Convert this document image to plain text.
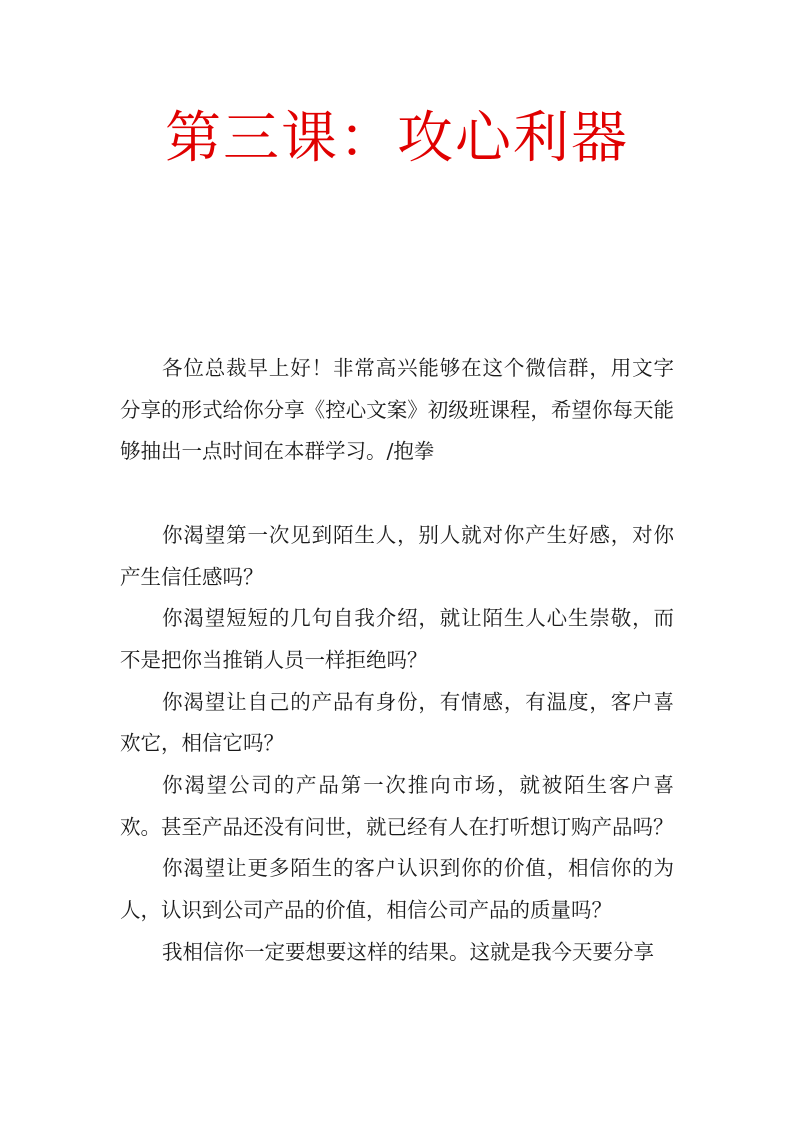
第三课：攻心利器

各位总裁早上好！非常高兴能够在这个微信群，用文字分享的形式给你分享《控心文案》初级班课程，希望你每天能够抽出一点时间在本群学习。/抱拳

你渴望第一次见到陌生人，别人就对你产生好感，对你产生信任感吗？

你渴望短短的几句自我介绍，就让陌生人心生崇敬，而不是把你当推销人员一样拒绝吗？

你渴望让自己的产品有身份，有情感，有温度，客户喜欢它，相信它吗？

你渴望公司的产品第一次推向市场，就被陌生客户喜欢。甚至产品还没有问世，就已经有人在打听想订购产品吗？

你渴望让更多陌生的客户认识到你的价值，相信你的为人，认识到公司产品的价值，相信公司产品的质量吗？

我相信你一定要想要这样的结果。这就是我今天要分享
